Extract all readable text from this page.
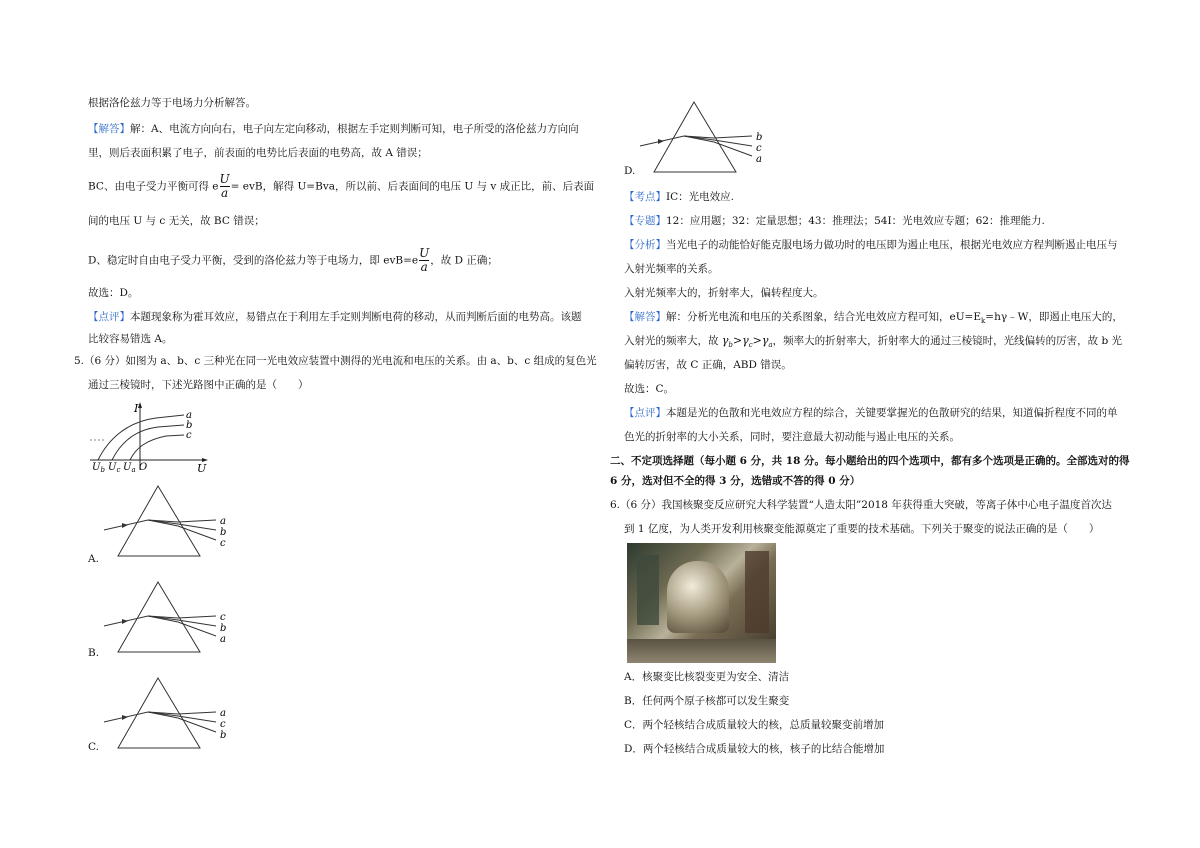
根据洛伦兹力等于电场力分析解答。
【解答】解：A、电流方向向右，电子向左定向移动，根据左手定则判断可知，电子所受的洛伦兹力方向向
里，则后表面积累了电子，前表面的电势比后表面的电势高，故 A 错误；
BC、由电子受力平衡可得 e $\frac{U}{a}$ = evB，解得 U=Bva，所以前、后表面间的电压 U 与 v 成正比，前、后表面
间的电压 U 与 c 无关，故 BC 错误；
D、稳定时自由电子受力平衡，受到的洛伦兹力等于电场力，即 $evB=e \frac{U}{a}$ ，故 D 正确；
故选：D。
【点评】本题现象称为霍耳效应，易错点在于利用左手定则判断电荷的移动，从而判断后面的电势高。该题
比较容易错选 A。
5.（6 分）如图为 a、b、c 三种光在同一光电效应装置中测得的光电流和电压的关系。由 a、b、c 组成的复色光
通过三棱镜时，下述光路图中正确的是（　　）
I
U
a
b
c
$U_b$ $U_c$ $U_a$ O
a
b
c
A.
c
b
a
B.
a
c
b
C.
b
c
a
D.
【考点】IC：光电效应.
【专题】12：应用题；32：定量思想；43：推理法；54I：光电效应专题；62：推理能力.
【分析】当光电子的动能恰好能克服电场力做功时的电压即为遏止电压，根据光电效应方程判断遏止电压与
入射光频率的关系。
入射光频率大的，折射率大，偏转程度大。
【解答】解：分析光电流和电压的关系图象，结合光电效应方程可知，$eU=E_k=h\gamma﹣W$，即遏止电压大的，
入射光的频率大，故 $\gamma_b>\gamma_c>\gamma_a$，频率大的折射率大，折射率大的通过三棱镜时，光线偏转的厉害，故 b 光
偏转厉害，故 C 正确，ABD 错误。
故选：C。
【点评】本题是光的色散和光电效应方程的综合，关键要掌握光的色散研究的结果，知道偏折程度不同的单
色光的折射率的大小关系，同时，要注意最大初动能与遏止电压的关系。
二、不定项选择题（每小题 6 分，共 18 分。每小题给出的四个选项中，都有多个选项是正确的。全部选对的得
6 分，选对但不全的得 3 分，选错或不答的得 0 分）
6.（6 分）我国核聚变反应研究大科学装置“人造太阳”2018 年获得重大突破，等离子体中心电子温度首次达
到 1 亿度，为人类开发利用核聚变能源奠定了重要的技术基础。下列关于聚变的说法正确的是（　　）
A．核聚变比核裂变更为安全、清洁
B．任何两个原子核都可以发生聚变
C．两个轻核结合成质量较大的核，总质量较聚变前增加
D．两个轻核结合成质量较大的核，核子的比结合能增加
